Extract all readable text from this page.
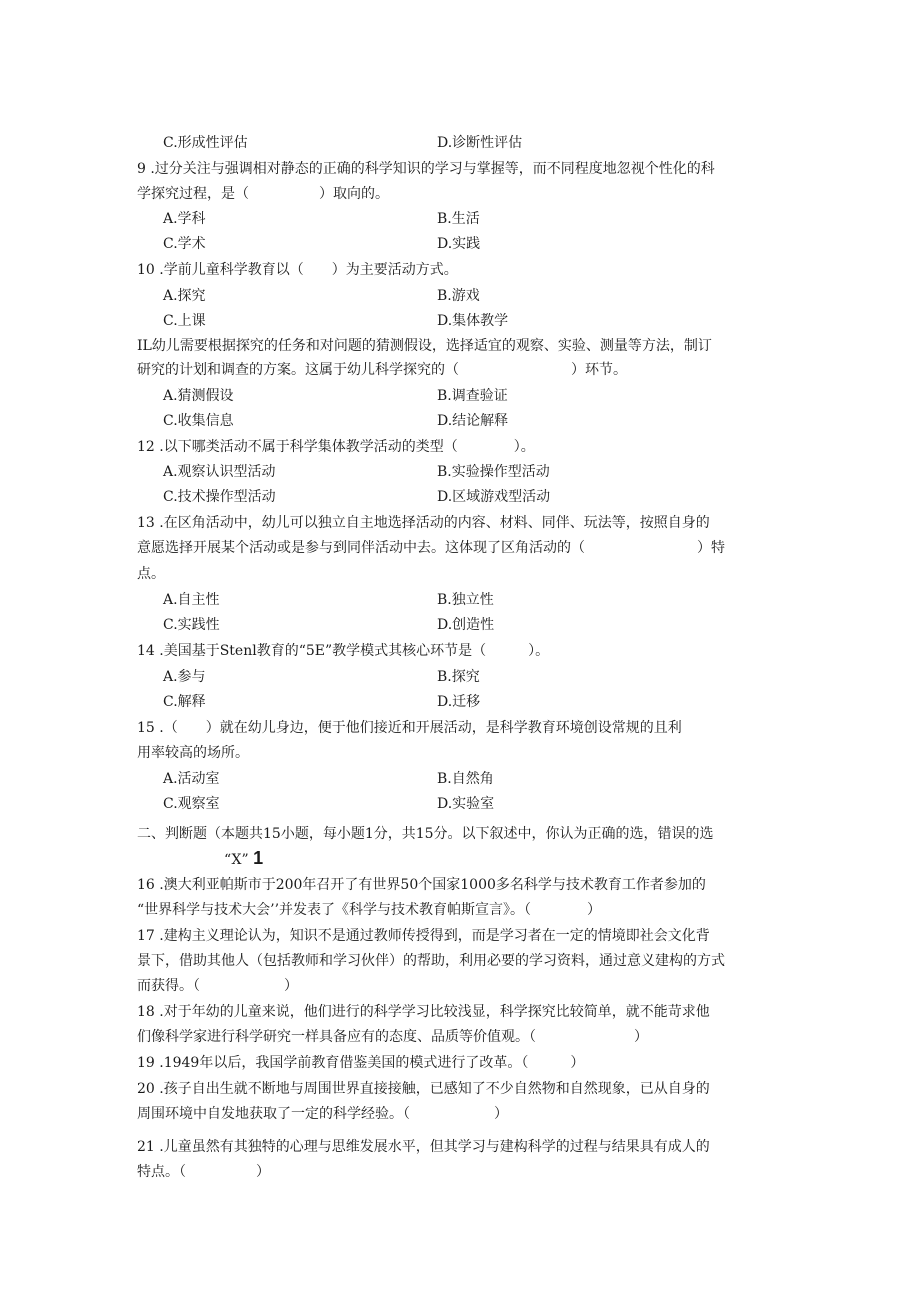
C.形成性评估	D.诊断性评估
9 .过分关注与强调相对静态的正确的科学知识的学习与掌握等，而不同程度地忽视个性化的科
学探究过程，是（　　　　　）取向的。
A.学科	B.生活
C.学术	D.实践
10 .学前儿童科学教育以（　　）为主要活动方式。
A.探究	B.游戏
C.上课	D.集体教学
IL幼儿需要根据探究的任务和对问题的猜测假设，选择适宜的观察、实验、测量等方法，制订
研究的计划和调查的方案。这属于幼儿科学探究的（　　　　　　　　）环节。
A.猜测假设	B.调查验证
C.收集信息	D.结论解释
12 .以下哪类活动不属于科学集体教学活动的类型（　　　　）。
A.观察认识型活动	B.实验操作型活动
C.技术操作型活动	D.区域游戏型活动
13 .在区角活动中，幼儿可以独立自主地选择活动的内容、材料、同伴、玩法等，按照自身的
意愿选择开展某个活动或是参与到同伴活动中去。这体现了区角活动的（　　　　　　　　）特
点。
A.自主性	B.独立性
C.实践性	D.创造性
14 .美国基于Stenl教育的“5E”教学模式其核心环节是（　　　）。
A.参与	B.探究
C.解释	D.迁移
15 .（　　）就在幼儿身边，便于他们接近和开展活动，是科学教育环境创设常规的且利
用率较高的场所。
A.活动室	B.自然角
C.观察室	D.实验室
二、判断题（本题共15小题，每小题1分，共15分。以下叙述中，你认为正确的选，错误的选
“X” 1
16 .澳大利亚帕斯市于200年召开了有世界50个国家1000多名科学与技术教育工作者参加的
“世界科学与技术大会’’并发表了《科学与技术教育帕斯宣言》。（　　　　）
17 .建构主义理论认为，知识不是通过教师传授得到，而是学习者在一定的情境即社会文化背
景下，借助其他人（包括教师和学习伙伴）的帮助，利用必要的学习资料，通过意义建构的方式
而获得。（　　　　　　）
18 .对于年幼的儿童来说，他们进行的科学学习比较浅显，科学探究比较简单，就不能苛求他
们像科学家进行科学研究一样具备应有的态度、品质等价值观。（　　　　　　　）
19 .1949年以后，我国学前教育借鉴美国的模式进行了改革。（　　　）
20 .孩子自出生就不断地与周围世界直接接触，已感知了不少自然物和自然现象，已从自身的
周围环境中自发地获取了一定的科学经验。（　　　　　　）
21 .儿童虽然有其独特的心理与思维发展水平，但其学习与建构科学的过程与结果具有成人的
特点。（　　　　　）
